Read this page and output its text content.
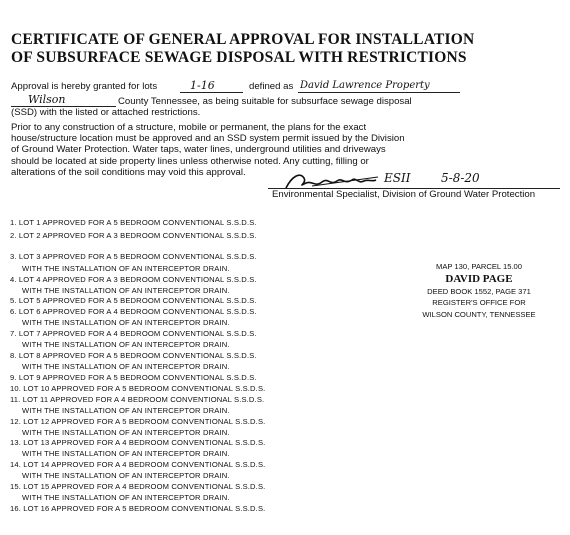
CERTIFICATE OF GENERAL APPROVAL FOR INSTALLATION
OF SUBSURFACE SEWAGE DISPOSAL WITH RESTRICTIONS
Approval is hereby granted for lots	1-16	defined as David Lawrence Property
Wilson	County Tennessee, as being suitable for subsurface sewage disposal
(SSD) with the listed or attached restrictions.
Prior to any construction of a structure, mobile or permanent, the plans for the exact
house/structure location must be approved and an SSD system permit issued by the Division
of Ground Water Protection. Water taps, water lines, underground utilities and driveways
should be located at side property lines unless otherwise noted. Any cutting, filling or
alterations of the soil conditions may void this approval.	ESII	5-8-20
Environmental Specialist, Division of Ground Water Protection
1. LOT 1 APPROVED FOR A 5 BEDROOM CONVENTIONAL S.S.D.S.
2. LOT 2 APPROVED FOR A 3 BEDROOM CONVENTIONAL S.S.D.S.
3. LOT 3 APPROVED FOR A 5 BEDROOM CONVENTIONAL S.S.D.S.
WITH THE INSTALLATION OF AN INTERCEPTOR DRAIN.
4. LOT 4 APPROVED FOR A 3 BEDROOM CONVENTIONAL S.S.D.S.
WITH THE INSTALLATION OF AN INTERCEPTOR DRAIN.
5. LOT 5 APPROVED FOR A 5 BEDROOM CONVENTIONAL S.S.D.S.
6. LOT 6 APPROVED FOR A 4 BEDROOM CONVENTIONAL S.S.D.S.
WITH THE INSTALLATION OF AN INTERCEPTOR DRAIN.
7. LOT 7 APPROVED FOR A 4 BEDROOM CONVENTIONAL S.S.D.S.
WITH THE INSTALLATION OF AN INTERCEPTOR DRAIN.
8. LOT 8 APPROVED FOR A 5 BEDROOM CONVENTIONAL S.S.D.S.
WITH THE INSTALLATION OF AN INTERCEPTOR DRAIN.
9. LOT 9 APPROVED FOR A 5 BEDROOM CONVENTIONAL S.S.D.S.
10. LOT 10 APPROVED FOR A 5 BEDROOM CONVENTIONAL S.S.D.S.
11. LOT 11 APPROVED FOR A 4 BEDROOM CONVENTIONAL S.S.D.S.
WITH THE INSTALLATION OF AN INTERCEPTOR DRAIN.
12. LOT 12 APPROVED FOR A 5 BEDROOM CONVENTIONAL S.S.D.S.
WITH THE INSTALLATION OF AN INTERCEPTOR DRAIN.
13. LOT 13 APPROVED FOR A 4 BEDROOM CONVENTIONAL S.S.D.S.
WITH THE INSTALLATION OF AN INTERCEPTOR DRAIN.
14. LOT 14 APPROVED FOR A 4 BEDROOM CONVENTIONAL S.S.D.S.
WITH THE INSTALLATION OF AN INTERCEPTOR DRAIN.
15. LOT 15 APPROVED FOR A 4 BEDROOM CONVENTIONAL S.S.D.S.
WITH THE INSTALLATION OF AN INTERCEPTOR DRAIN.
16. LOT 16 APPROVED FOR A 5 BEDROOM CONVENTIONAL S.S.D.S.
MAP 130, PARCEL 15.00
DAVID PAGE
DEED BOOK 1552, PAGE 371
REGISTER'S OFFICE FOR
WILSON COUNTY, TENNESSEE
